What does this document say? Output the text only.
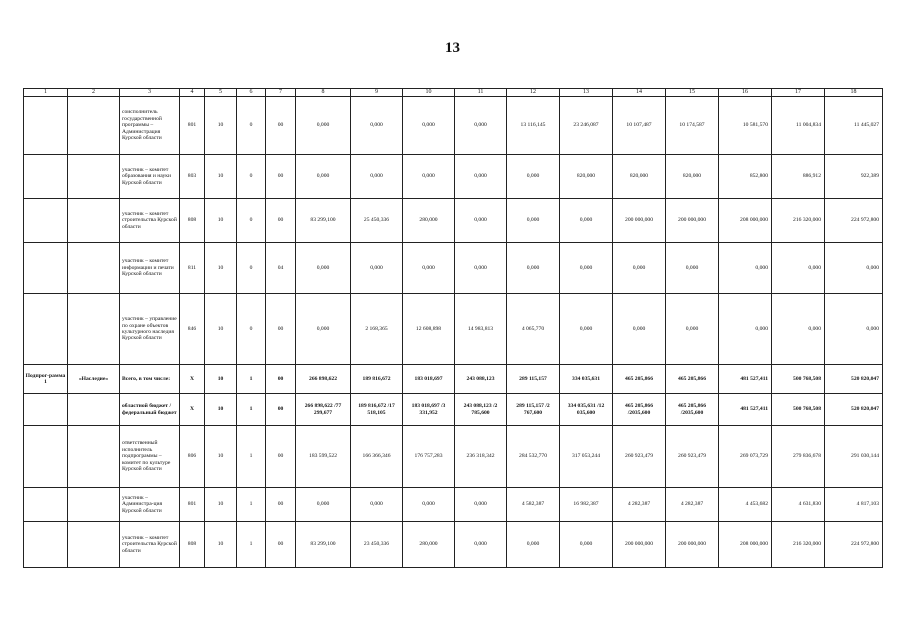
13
1	2	3	4	5	6	7	8	9	10	11	12	13	14	15	16	17	18
		соисполнитель государственной программы – Администрация Курской области	801	10	0	00	0,000	0,000	0,000	0,000	13 116,145	23 246,087	10 107,487	10 174,587	10 581,570	11 004,834	11 445,027
		участник – комитет образования и науки Курской области	803	10	0	00	0,000	0,000	0,000	0,000	0,000	820,000	820,000	820,000	852,800	886,912	922,389
		участник – комитет строительства Курской области	808	10	0	00	83 299,100	25 450,336	280,000	0,000	0,000	0,000	200 000,000	200 000,000	208 000,000	216 320,000	224 972,800
		участник – комитет информации и печати Курской области	811	10	0	04	0,000	0,000	0,000	0,000	0,000	0,000	0,000	0,000	0,000	0,000	0,000
		участник – управление по охране объектов культурного наследия Курской области	846	10	0	00	0,000	2 168,365	12 608,898	14 983,813	4 065,770	0,000	0,000	0,000	0,000	0,000	0,000
Подпрог-рамма 1	«Наследие»	Всего, в том числе:	X	10	1	00	266 898,622	189 816,672	183 018,697	243 088,123	289 115,157	334 035,631	465 205,866	465 205,866	481 527,411	500 768,508	520 820,047
		областной бюджет /федеральный бюджет	X	10	1	00	266 898,622 /77 299,677	189 816,672 /17 518,105	183 018,697 /3 331,952	243 088,123 /2 785,600	289 115,157 /2 767,600	334 035,631 /12 035,600	465 205,866 /2035,600	465 205,866 /2035,600	481 527,411	500 768,508	520 820,047
		ответственный исполнитель подпрограммы – комитет по культуре Курской области	806	10	1	00	183 599,522	166 366,346	176 757,283	236 318,342	284 532,770	317 053,244	260 923,479	260 923,479	269 073,729	279 836,678	291 030,144
		участник – Администра-ция Курской области	801	10	1	00	0,000	0,000	0,000	0,000	4 582,387	16 982,387	4 282,387	4 282,387	4 453,682	4 631,830	4 817,103
		участник – комитет строительства Курской области	808	10	1	00	83 299,100	23 450,336	280,000	0,000	0,000	0,000	200 000,000	200 000,000	208 000,000	216 320,000	224 972,800
